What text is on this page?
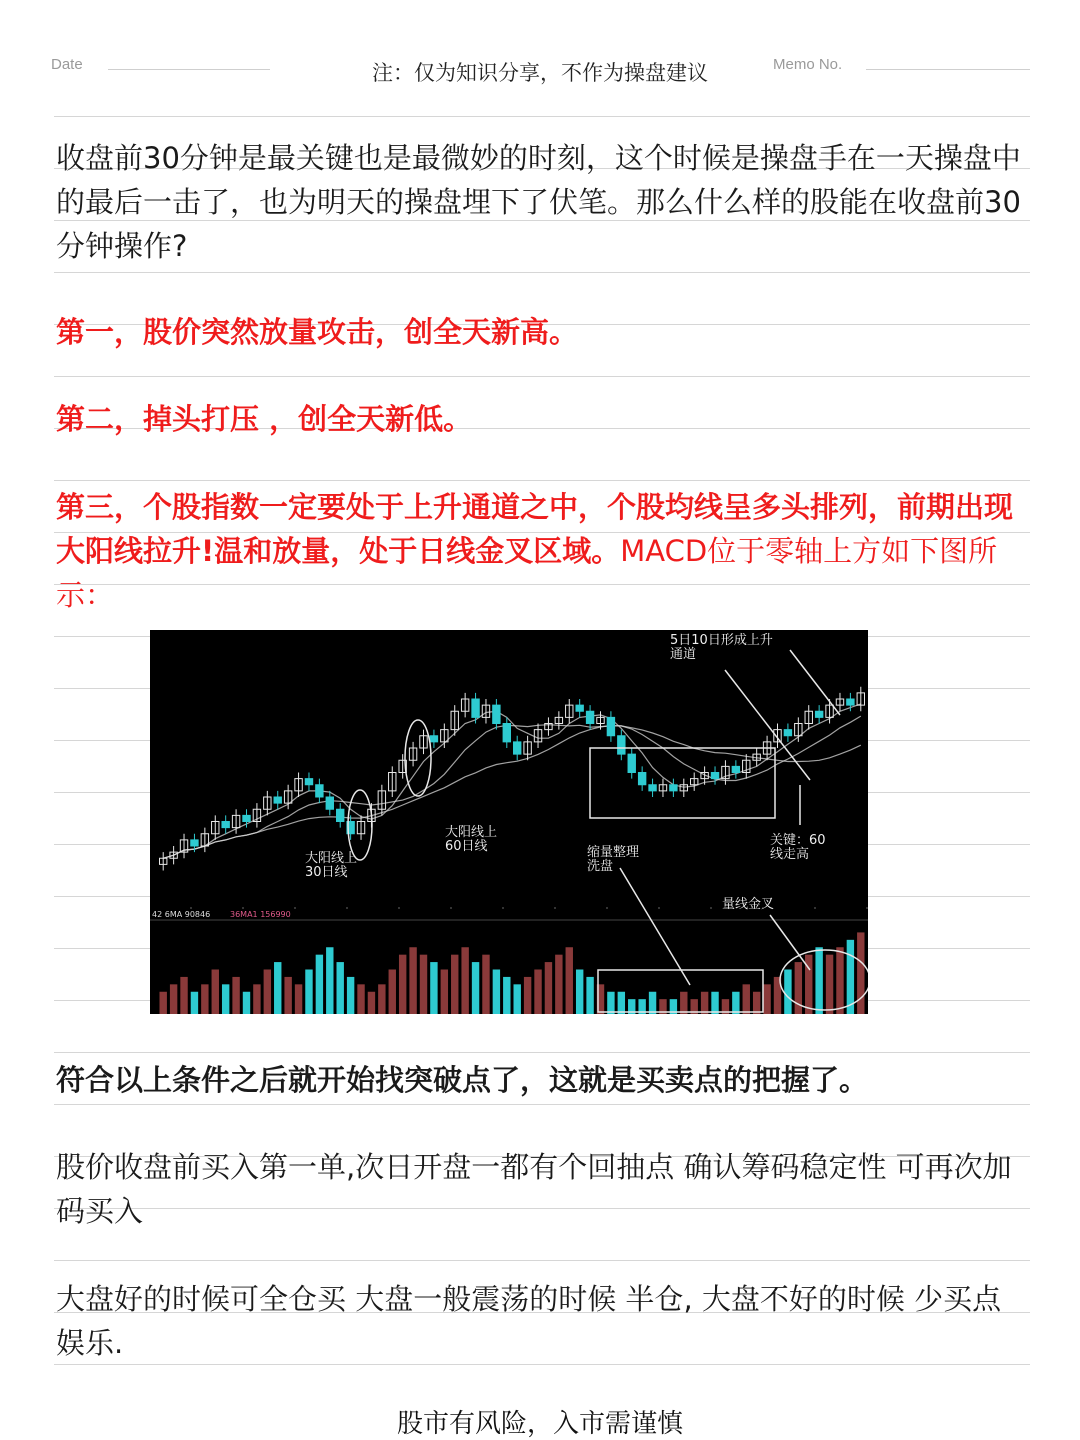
Date	注：仅为知识分享，不作为操盘建议	Memo No.

收盘前30分钟是最关键也是最微妙的时刻，这个时候是操盘手在一天操盘中的最后一击了，也为明天的操盘埋下了伏笔。那么什么样的股能在收盘前30分钟操作?

第一，股价突然放量攻击，创全天新高。

第二，掉头打压 ，创全天新低。

第三，个股指数一定要处于上升通道之中，个股均线呈多头排列，前期出现大阳线拉升!温和放量，处于日线金叉区域。MACD位于零轴上方如下图所示：

5日10日形成上升
通道
大阳线上
30日线
大阳线上
60日线	缩量整理
洗盘
关键：60
线走高
量线金叉
42 6MA 90846 36MA1 156990

符合以上条件之后就开始找突破点了，这就是买卖点的把握了。

股价收盘前买入第一单,次日开盘一都有个回抽点 确认筹码稳定性 可再次加码买入

大盘好的时候可全仓买 大盘一般震荡的时候 半仓, 大盘不好的时候 少买点娱乐.

股市有风险，入市需谨慎
